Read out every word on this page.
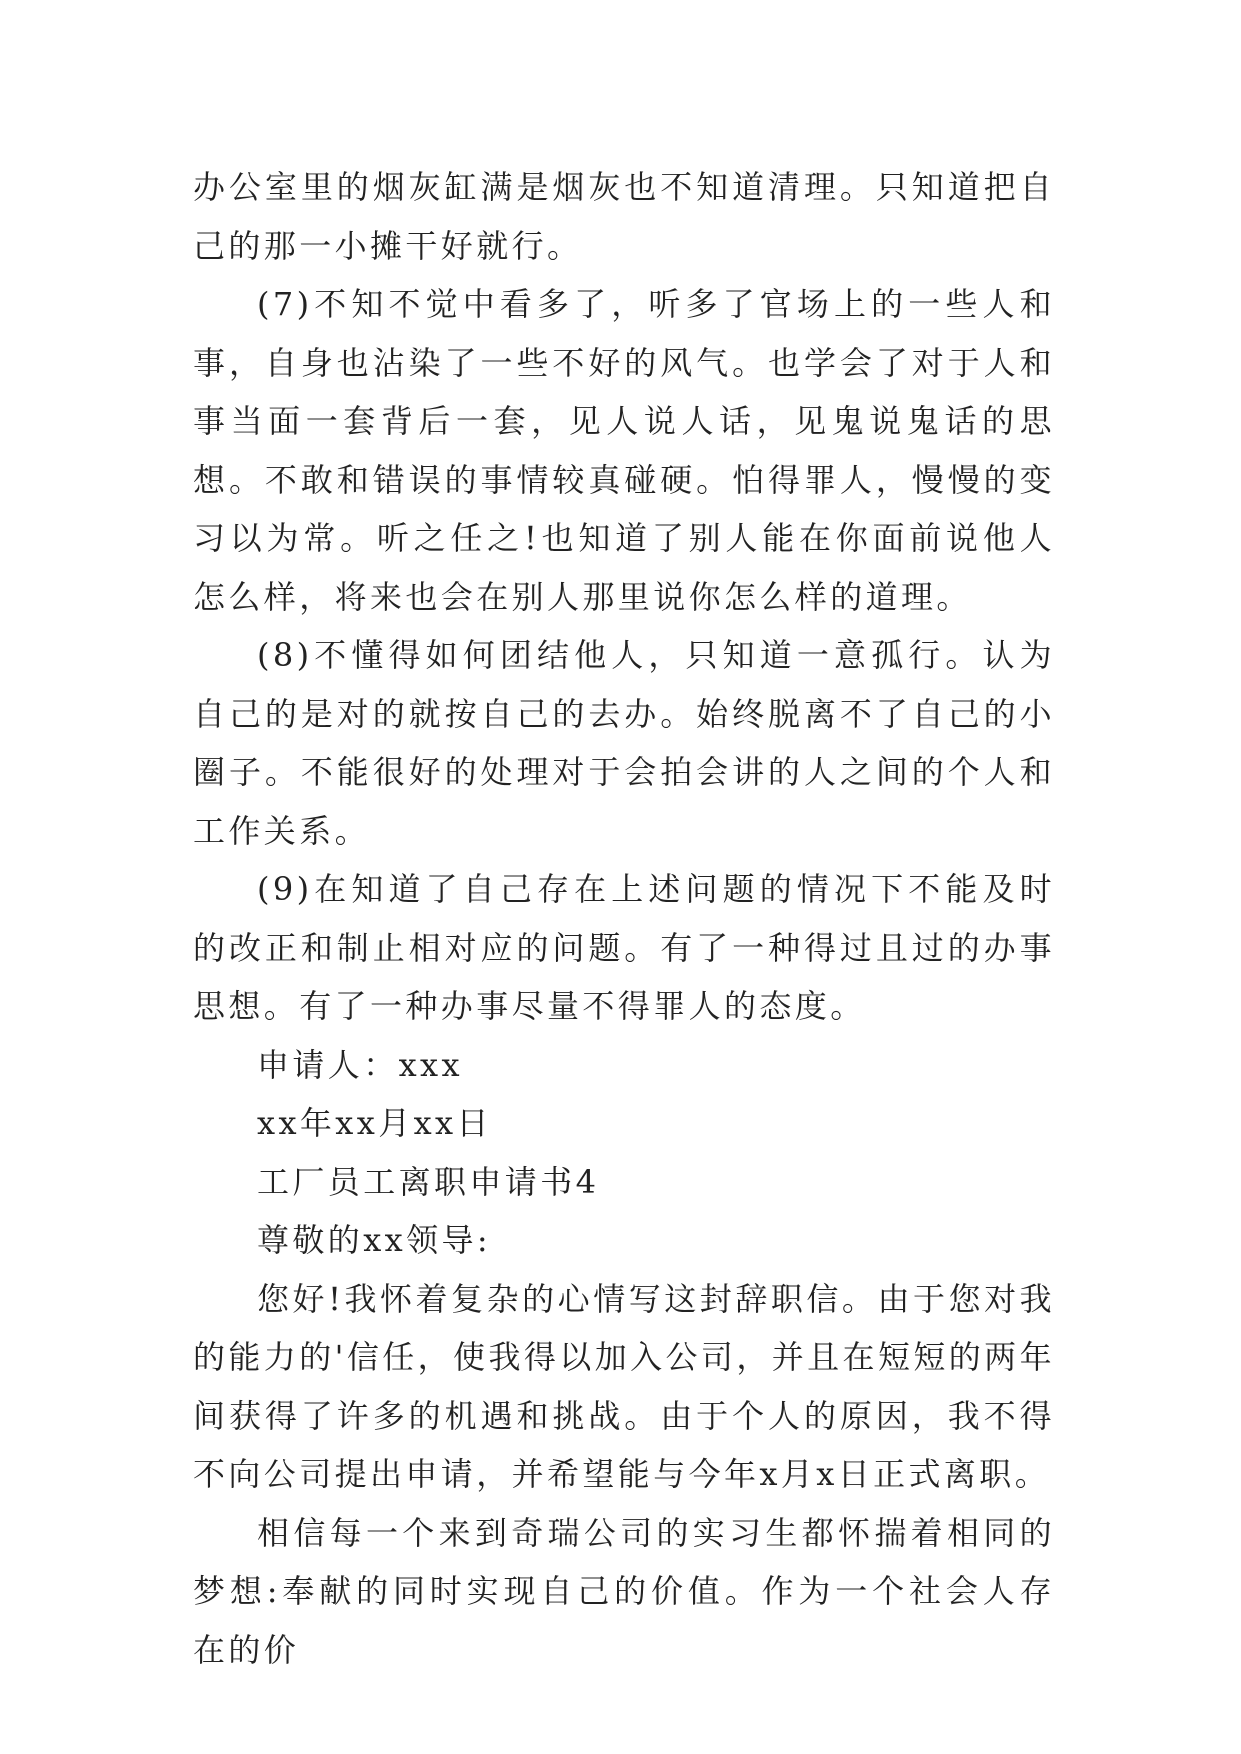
办公室里的烟灰缸满是烟灰也不知道清理。只知道把自己的那一小摊干好就行。

(7)不知不觉中看多了，听多了官场上的一些人和事，自身也沾染了一些不好的风气。也学会了对于人和事当面一套背后一套，见人说人话，见鬼说鬼话的思想。不敢和错误的事情较真碰硬。怕得罪人，慢慢的变习以为常。听之任之!也知道了别人能在你面前说他人怎么样，将来也会在别人那里说你怎么样的道理。

(8)不懂得如何团结他人，只知道一意孤行。认为自己的是对的就按自己的去办。始终脱离不了自己的小圈子。不能很好的处理对于会拍会讲的人之间的个人和工作关系。

(9)在知道了自己存在上述问题的情况下不能及时的改正和制止相对应的问题。有了一种得过且过的办事思想。有了一种办事尽量不得罪人的态度。

申请人：xxx

xx年xx月xx日

工厂员工离职申请书4

尊敬的xx领导:

您好!我怀着复杂的心情写这封辞职信。由于您对我的能力的'信任，使我得以加入公司，并且在短短的两年间获得了许多的机遇和挑战。由于个人的原因，我不得不向公司提出申请，并希望能与今年x月x日正式离职。

相信每一个来到奇瑞公司的实习生都怀揣着相同的梦想:奉献的同时实现自己的价值。作为一个社会人存在的价
